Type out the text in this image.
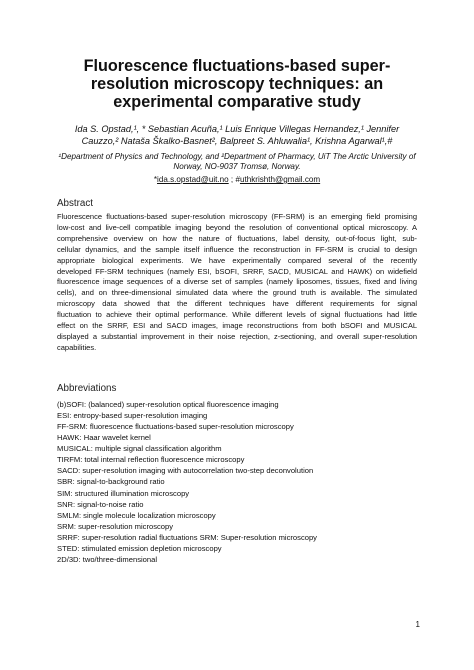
Fluorescence fluctuations-based super-
resolution microscopy techniques: an
experimental comparative study
Ida S. Opstad,¹, * Sebastian Acuña,¹ Luis Enrique Villegas Hernandez,¹ Jennifer
Cauzzo,² Nataša Škalko-Basnet², Balpreet S. Ahluwalia¹, Krishna Agarwal¹,#
¹Department of Physics and Technology, and ²Department of Pharmacy, UiT The Arctic University of
Norway, NO-9037 Tromsø, Norway.
*ida.s.opstad@uit.no ; #uthkrishth@gmail.com
Abstract
Fluorescence fluctuations-based super-resolution microscopy (FF-SRM) is an emerging field promising
low-cost and live-cell compatible imaging beyond the resolution of conventional optical microscopy. A
comprehensive overview on how the nature of fluctuations, label density, out-of-focus light, sub-
cellular dynamics, and the sample itself influence the reconstruction in FF-SRM is crucial to design
appropriate biological experiments. We have experimentally compared several of the recently
developed FF-SRM techniques (namely ESI, bSOFI, SRRF, SACD, MUSICAL and HAWK) on widefield
fluorescence image sequences of a diverse set of samples (namely liposomes, tissues, fixed and living
cells), and on three-dimensional simulated data where the ground truth is available. The simulated
microscopy data showed that the different techniques have different requirements for signal
fluctuation to achieve their optimal performance. While different levels of signal fluctuations had little
effect on the SRRF, ESI and SACD images, image reconstructions from both bSOFI and MUSICAL
displayed a substantial improvement in their noise rejection, z-sectioning, and overall super-resolution
capabilities.
Abbreviations
(b)SOFI: (balanced) super-resolution optical fluorescence imaging
ESI: entropy-based super-resolution imaging
FF-SRM: fluorescence fluctuations-based super-resolution microscopy
HAWK: Haar wavelet kernel
MUSICAL: multiple signal classification algorithm
TIRFM: total internal reflection fluorescence microscopy
SACD: super-resolution imaging with autocorrelation two-step deconvolution
SBR: signal-to-background ratio
SIM: structured illumination microscopy
SNR: signal-to-noise ratio
SMLM: single molecule localization microscopy
SRM: super-resolution microscopy
SRRF: super-resolution radial fluctuations SRM: Super-resolution microscopy
STED: stimulated emission depletion microscopy
2D/3D: two/three-dimensional
1
